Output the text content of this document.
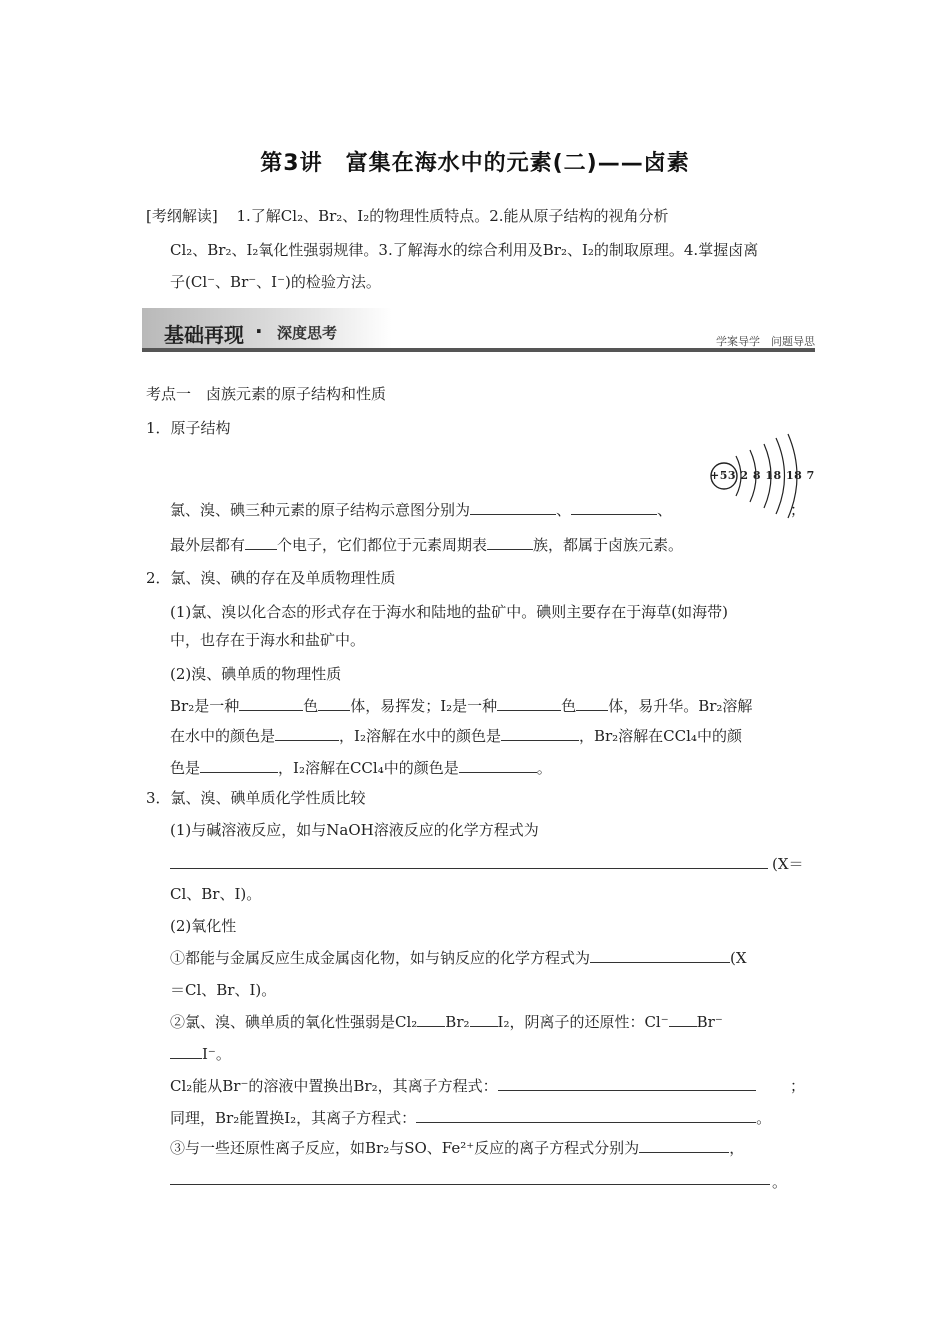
第3讲　富集在海水中的元素(二)——卤素
[考纲解读] 1.了解Cl₂、Br₂、I₂的物理性质特点。2.能从原子结构的视角分析
Cl₂、Br₂、I₂氧化性强弱规律。3.了解海水的综合利用及Br₂、I₂的制取原理。4.掌握卤离
子(Cl⁻、Br⁻、I⁻)的检验方法。
基础再现 · 深度思考	学案导学　问题导思
考点一　卤族元素的原子结构和性质
1．原子结构
+53 2 8 18 18 7
氯、溴、碘三种元素的原子结构示意图分别为	、	、	；
最外层都有 个电子，它们都位于元素周期表	族，都属于卤族元素。
2．氯、溴、碘的存在及单质物理性质
(1)氯、溴以化合态的形式存在于海水和陆地的盐矿中。碘则主要存在于海草(如海带)
中，也存在于海水和盐矿中。
(2)溴、碘单质的物理性质
Br₂是一种	色 体，易挥发；I₂是一种	色 体，易升华。Br₂溶解
在水中的颜色是	，I₂溶解在水中的颜色是	，Br₂溶解在CCl₄中的颜
色是	，I₂溶解在CCl₄中的颜色是	。
3．氯、溴、碘单质化学性质比较
(1)与碱溶液反应，如与NaOH溶液反应的化学方程式为
(X＝
Cl、Br、I)。
(2)氧化性
①都能与金属反应生成金属卤化物，如与钠反应的化学方程式为	(X
＝Cl、Br、I)。
②氯、溴、碘单质的氧化性强弱是Cl₂ Br₂ I₂，阴离子的还原性：Cl⁻ Br⁻
I⁻。
Cl₂能从Br⁻的溶液中置换出Br₂，其离子方程式：	；
同理，Br₂能置换I₂，其离子方程式：	。
③与一些还原性离子反应，如Br₂与SO、Fe²⁺反应的离子方程式分别为	，
。
